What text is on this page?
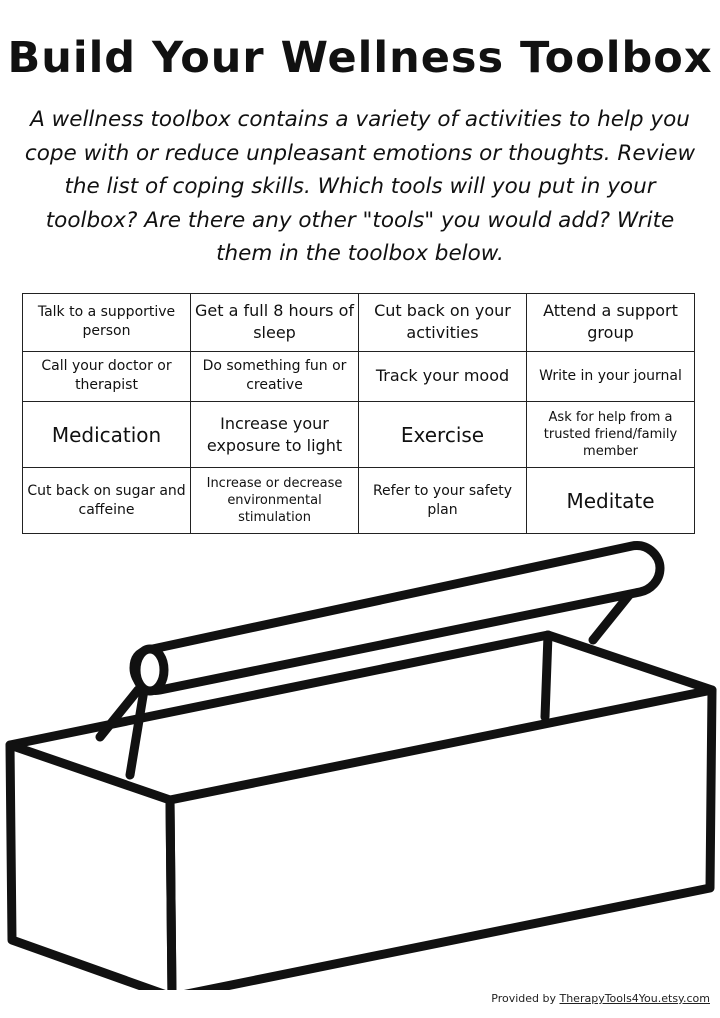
Build Your Wellness Toolbox

A wellness toolbox contains a variety of activities to help you cope with or reduce unpleasant emotions or thoughts. Review the list of coping skills. Which tools will you put in your toolbox? Are there any other "tools" you would add? Write them in the toolbox below.

Talk to a supportive person	Get a full 8 hours of sleep	Cut back on your activities	Attend a support group
Call your doctor or therapist	Do something fun or creative	Track your mood	Write in your journal
Medication	Increase your exposure to light	Exercise	Ask for help from a trusted friend/family member
Cut back on sugar and caffeine	Increase or decrease environmental stimulation	Refer to your safety plan	Meditate
Provided by TherapyTools4You.etsy.com
